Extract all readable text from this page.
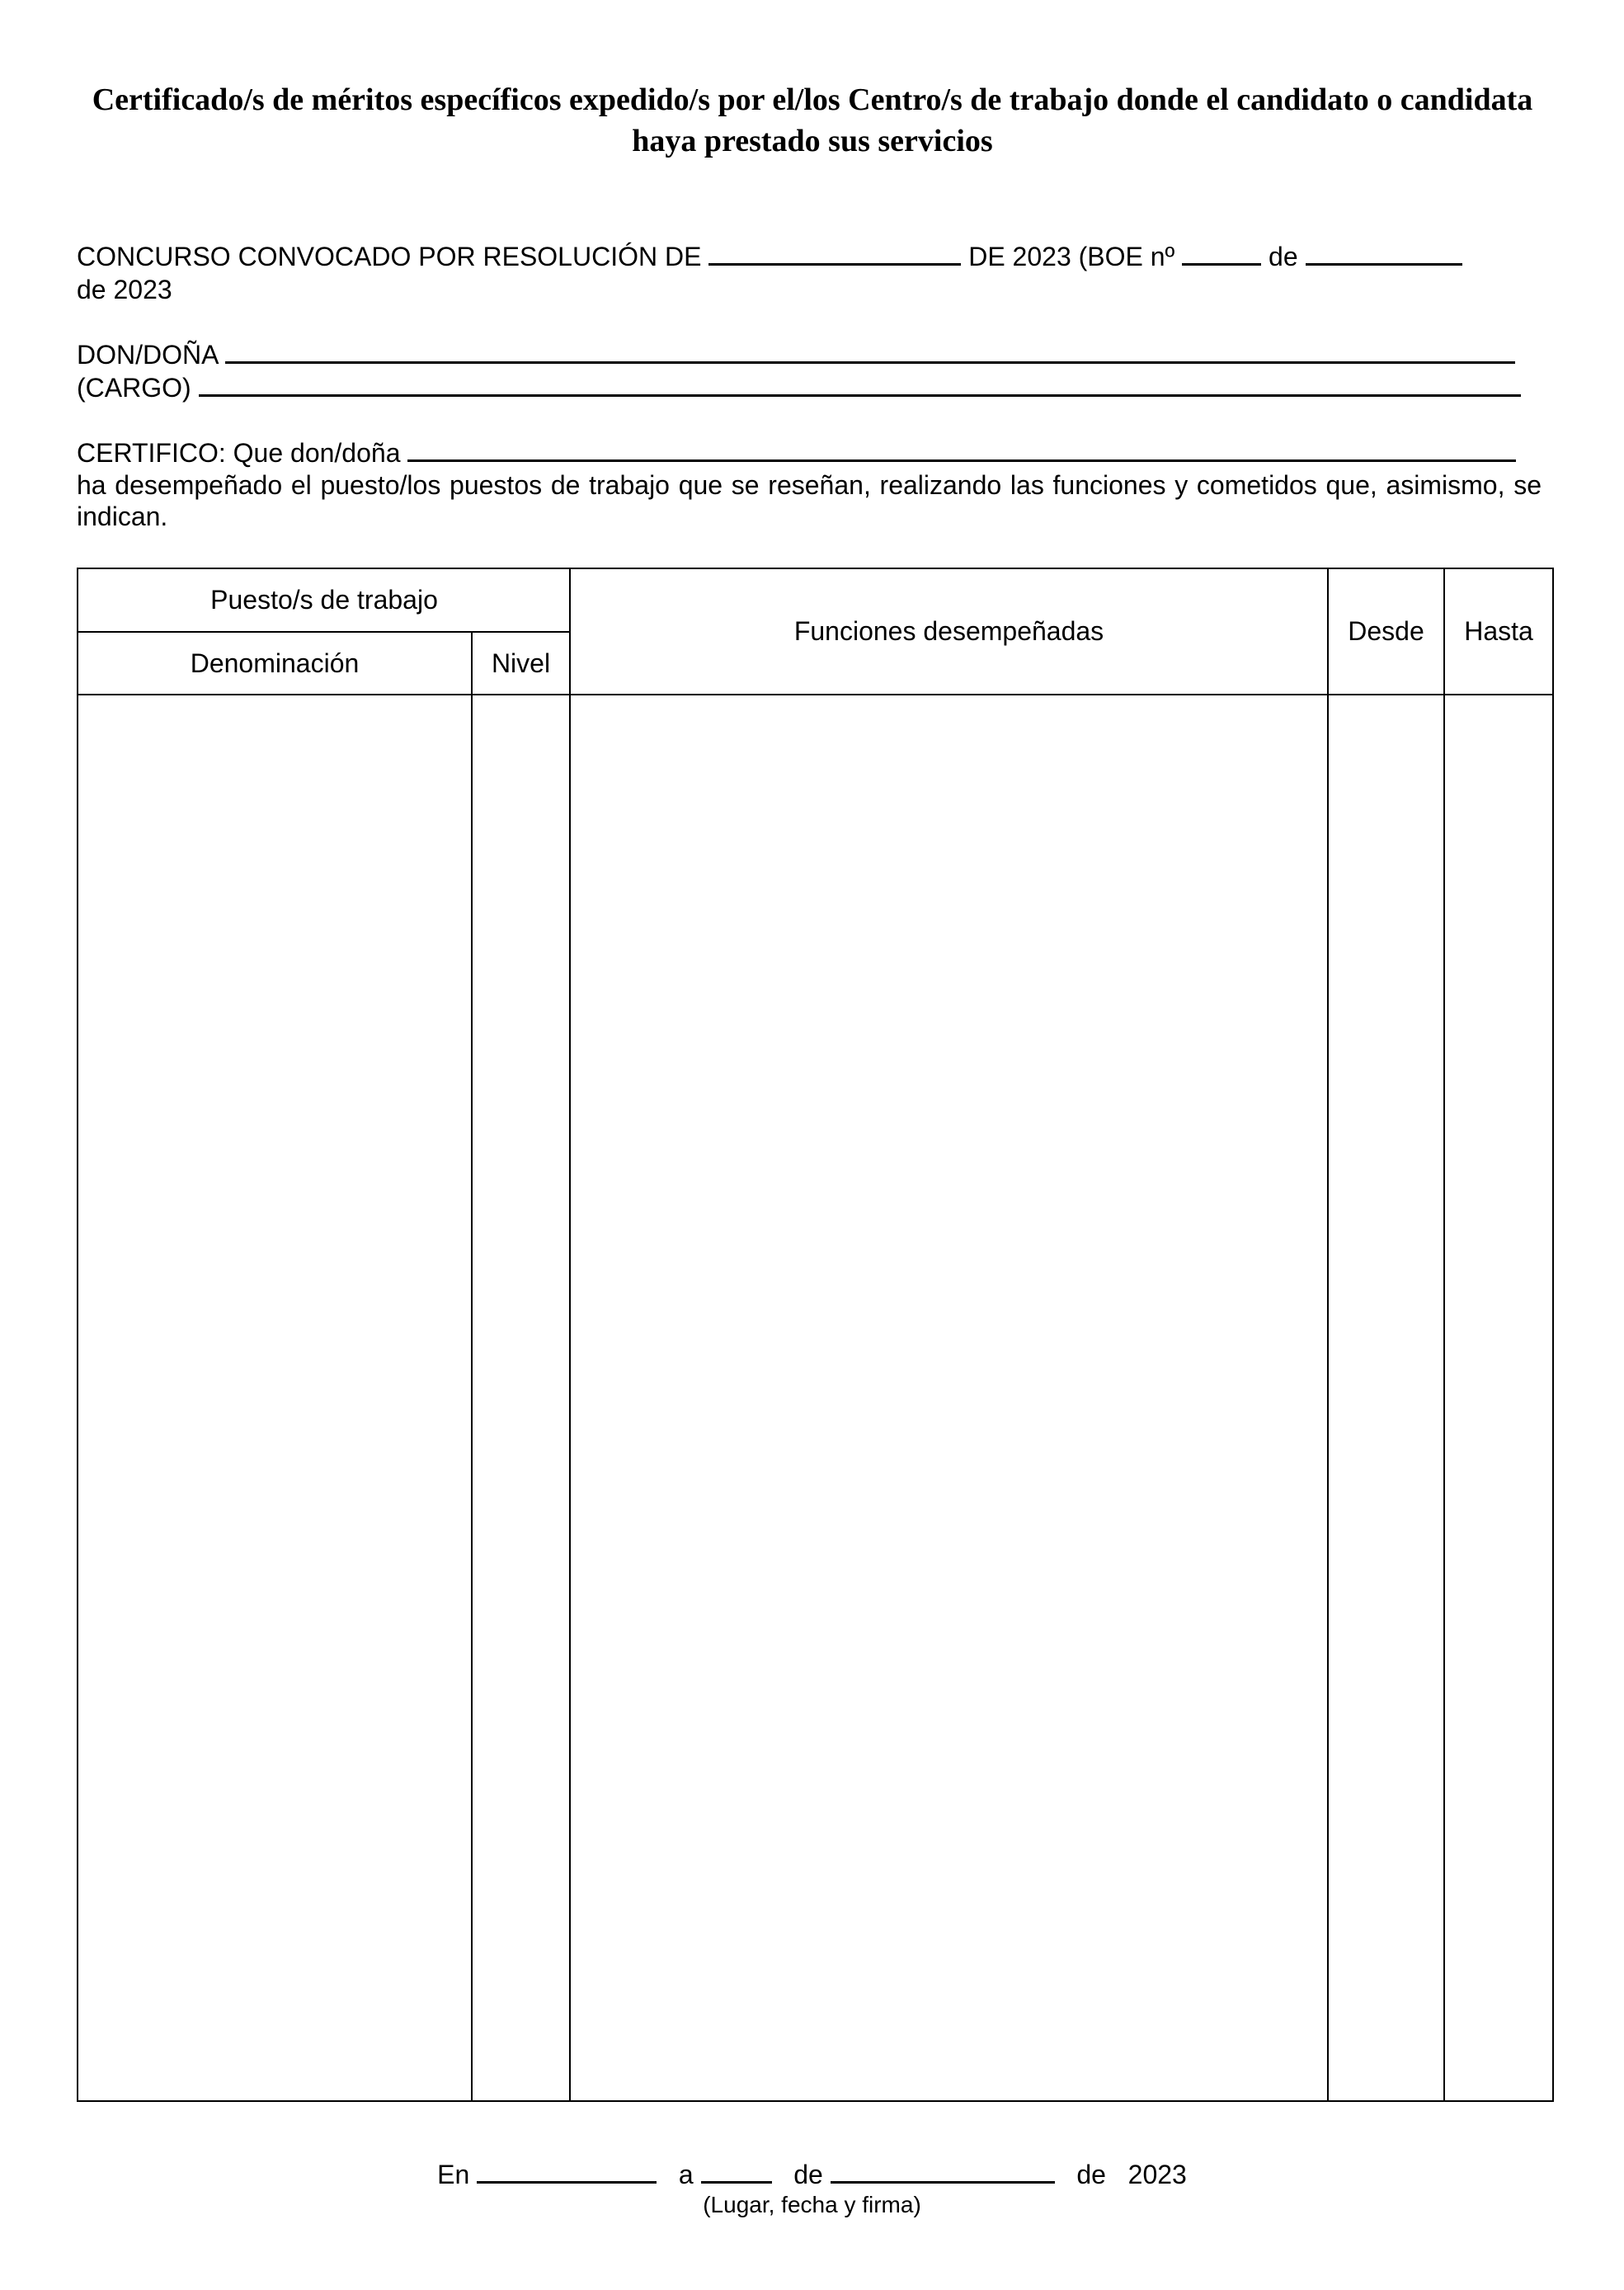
Certificado/s de méritos específicos expedido/s por el/los Centro/s de trabajo donde el candidato o candidata
haya prestado sus servicios
CONCURSO CONVOCADO POR RESOLUCIÓN DE	DE 2023 (BOE nº	de
de 2023
DON/DOÑA
(CARGO)
CERTIFICO: Que don/doña
ha desempeñado el puesto/los puestos de trabajo que se reseñan, realizando las funciones y cometidos que, asimismo, se indican.
Puesto/s de trabajo
Denominación	Nivel
Funciones desempeñadas	Desde	Hasta
En	a	de	de 2023
(Lugar, fecha y firma)
